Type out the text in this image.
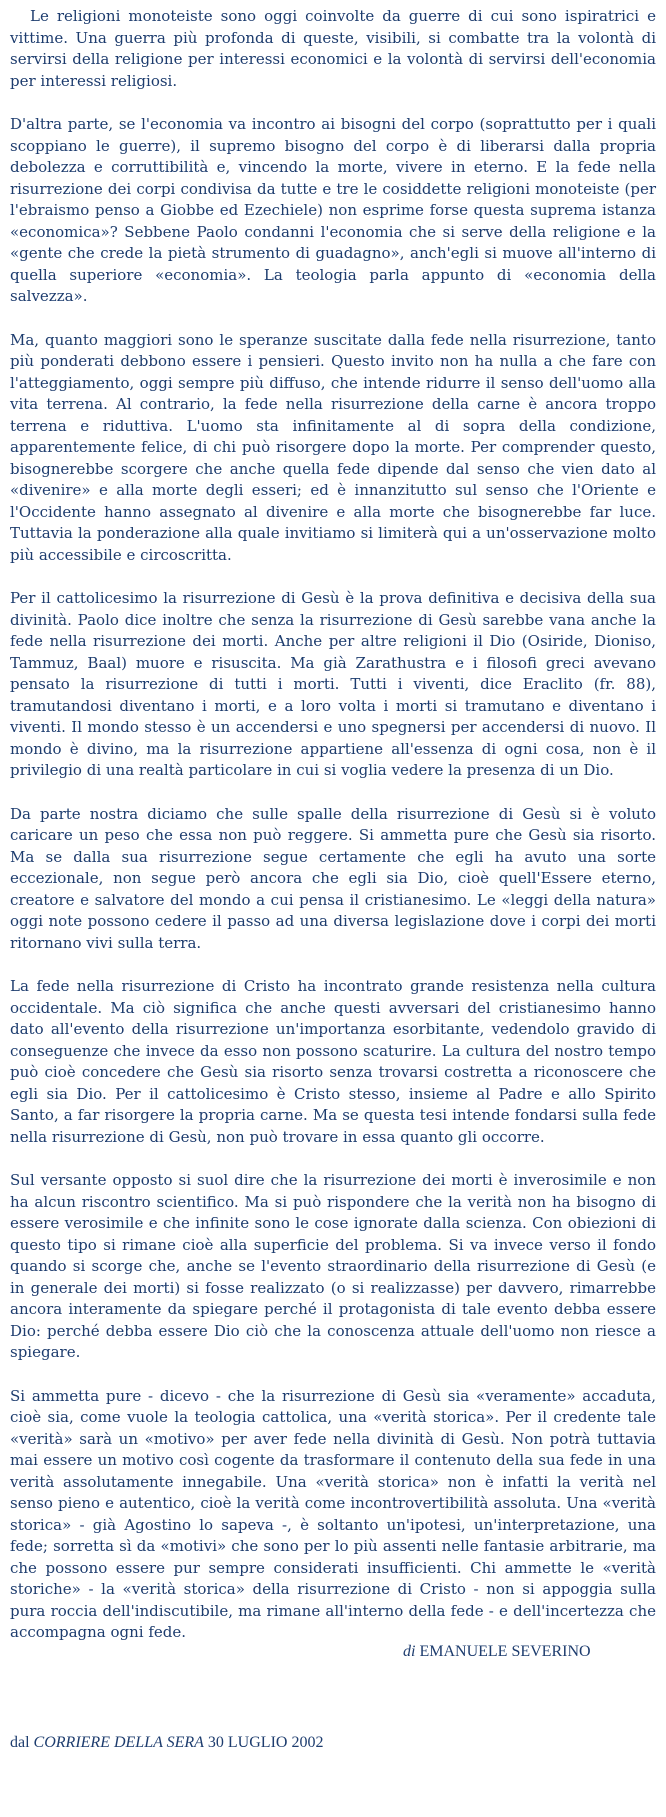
Le religioni monoteiste sono oggi coinvolte da guerre di cui sono ispiratrici e vittime. Una guerra più profonda di queste, visibili, si combatte tra la volontà di servirsi della religione per interessi economici e la volontà di servirsi dell'economia per interessi religiosi.

D'altra parte, se l'economia va incontro ai bisogni del corpo (soprattutto per i quali scoppiano le guerre), il supremo bisogno del corpo è di liberarsi dalla propria debolezza e corruttibilità e, vincendo la morte, vivere in eterno. E la fede nella risurrezione dei corpi condivisa da tutte e tre le cosiddette religioni monoteiste (per l'ebraismo penso a Giobbe ed Ezechiele) non esprime forse questa suprema istanza «economica»? Sebbene Paolo condanni l'economia che si serve della religione e la «gente che crede la pietà strumento di guadagno», anch'egli si muove all'interno di quella superiore «economia». La teologia parla appunto di «economia della salvezza».

Ma, quanto maggiori sono le speranze suscitate dalla fede nella risurrezione, tanto più ponderati debbono essere i pensieri. Questo invito non ha nulla a che fare con l'atteggiamento, oggi sempre più diffuso, che intende ridurre il senso dell'uomo alla vita terrena. Al contrario, la fede nella risurrezione della carne è ancora troppo terrena e riduttiva. L'uomo sta infinitamente al di sopra della condizione, apparentemente felice, di chi può risorgere dopo la morte. Per comprender questo, bisognerebbe scorgere che anche quella fede dipende dal senso che vien dato al «divenire» e alla morte degli esseri; ed è innanzitutto sul senso che l'Oriente e l'Occidente hanno assegnato al divenire e alla morte che bisognerebbe far luce. Tuttavia la ponderazione alla quale invitiamo si limiterà qui a un'osservazione molto più accessibile e circoscritta.

Per il cattolicesimo la risurrezione di Gesù è la prova definitiva e decisiva della sua divinità. Paolo dice inoltre che senza la risurrezione di Gesù sarebbe vana anche la fede nella risurrezione dei morti. Anche per altre religioni il Dio (Osiride, Dioniso, Tammuz, Baal) muore e risuscita. Ma già Zarathustra e i filosofi greci avevano pensato la risurrezione di tutti i morti. Tutti i viventi, dice Eraclito (fr. 88), tramutandosi diventano i morti, e a loro volta i morti si tramutano e diventano i viventi. Il mondo stesso è un accendersi e uno spegnersi per accendersi di nuovo. Il mondo è divino, ma la risurrezione appartiene all'essenza di ogni cosa, non è il privilegio di una realtà particolare in cui si voglia vedere la presenza di un Dio.

Da parte nostra diciamo che sulle spalle della risurrezione di Gesù si è voluto caricare un peso che essa non può reggere. Si ammetta pure che Gesù sia risorto. Ma se dalla sua risurrezione segue certamente che egli ha avuto una sorte eccezionale, non segue però ancora che egli sia Dio, cioè quell'Essere eterno, creatore e salvatore del mondo a cui pensa il cristianesimo. Le «leggi della natura» oggi note possono cedere il passo ad una diversa legislazione dove i corpi dei morti ritornano vivi sulla terra.

La fede nella risurrezione di Cristo ha incontrato grande resistenza nella cultura occidentale. Ma ciò significa che anche questi avversari del cristianesimo hanno dato all'evento della risurrezione un'importanza esorbitante, vedendolo gravido di conseguenze che invece da esso non possono scaturire. La cultura del nostro tempo può cioè concedere che Gesù sia risorto senza trovarsi costretta a riconoscere che egli sia Dio. Per il cattolicesimo è Cristo stesso, insieme al Padre e allo Spirito Santo, a far risorgere la propria carne. Ma se questa tesi intende fondarsi sulla fede nella risurrezione di Gesù, non può trovare in essa quanto gli occorre.

Sul versante opposto si suol dire che la risurrezione dei morti è inverosimile e non ha alcun riscontro scientifico. Ma si può rispondere che la verità non ha bisogno di essere verosimile e che infinite sono le cose ignorate dalla scienza. Con obiezioni di questo tipo si rimane cioè alla superficie del problema. Si va invece verso il fondo quando si scorge che, anche se l'evento straordinario della risurrezione di Gesù (e in generale dei morti) si fosse realizzato (o si realizzasse) per davvero, rimarrebbe ancora interamente da spiegare perché il protagonista di tale evento debba essere Dio: perché debba essere Dio ciò che la conoscenza attuale dell'uomo non riesce a spiegare.

Si ammetta pure - dicevo - che la risurrezione di Gesù sia «veramente» accaduta, cioè sia, come vuole la teologia cattolica, una «verità storica». Per il credente tale «verità» sarà un «motivo» per aver fede nella divinità di Gesù. Non potrà tuttavia mai essere un motivo così cogente da trasformare il contenuto della sua fede in una verità assolutamente innegabile. Una «verità storica» non è infatti la verità nel senso pieno e autentico, cioè la verità come incontrovertibilità assoluta. Una «verità storica» - già Agostino lo sapeva -, è soltanto un'ipotesi, un'interpretazione, una fede; sorretta sì da «motivi» che sono per lo più assenti nelle fantasie arbitrarie, ma che possono essere pur sempre considerati insufficienti. Chi ammette le «verità storiche» - la «verità storica» della risurrezione di Cristo - non si appoggia sulla pura roccia dell'indiscutibile, ma rimane all'interno della fede - e dell'incertezza che accompagna ogni fede.

di EMANUELE SEVERINO
dal CORRIERE DELLA SERA 30 LUGLIO 2002
